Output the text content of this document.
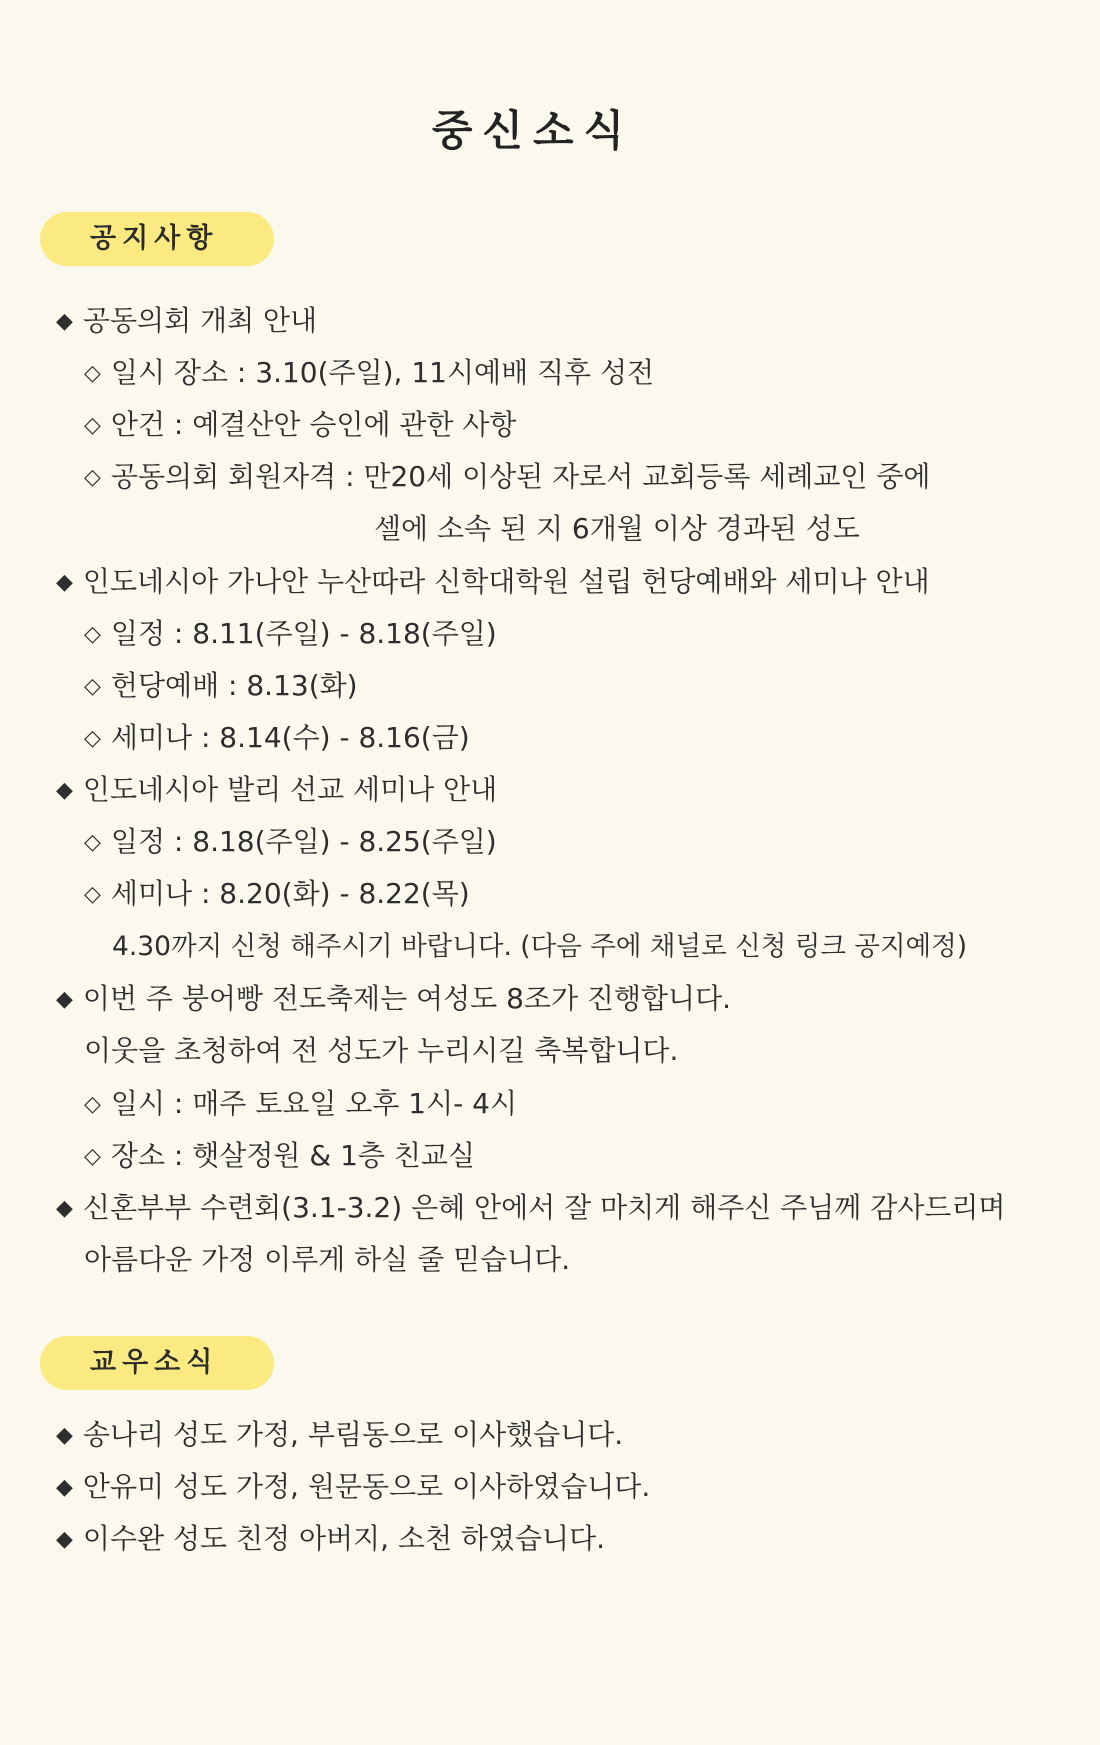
중신소식
공지사항
◆ 공동의회 개최 안내
◇ 일시 장소 : 3.10(주일), 11시예배 직후 성전
◇ 안건 : 예결산안 승인에 관한 사항
◇ 공동의회 회원자격 : 만20세 이상된 자로서 교회등록 세례교인 중에
셀에 소속 된 지 6개월 이상 경과된 성도
◆ 인도네시아 가나안 누산따라 신학대학원 설립 헌당예배와 세미나 안내
◇ 일정 : 8.11(주일) - 8.18(주일)
◇ 헌당예배 : 8.13(화)
◇ 세미나 : 8.14(수) - 8.16(금)
◆ 인도네시아 발리 선교 세미나 안내
◇ 일정 : 8.18(주일) - 8.25(주일)
◇ 세미나 : 8.20(화) - 8.22(목)
4.30까지 신청 해주시기 바랍니다. (다음 주에 채널로 신청 링크 공지예정)
◆ 이번 주 붕어빵 전도축제는 여성도 8조가 진행합니다.
이웃을 초청하여 전 성도가 누리시길 축복합니다.
◇ 일시 : 매주 토요일 오후 1시- 4시
◇ 장소 : 햇살정원 & 1층 친교실
◆ 신혼부부 수련회(3.1-3.2) 은혜 안에서 잘 마치게 해주신 주님께 감사드리며
아름다운 가정 이루게 하실 줄 믿습니다.
교우소식
◆ 송나리 성도 가정, 부림동으로 이사했습니다.
◆ 안유미 성도 가정, 원문동으로 이사하였습니다.
◆ 이수완 성도 친정 아버지, 소천 하였습니다.
